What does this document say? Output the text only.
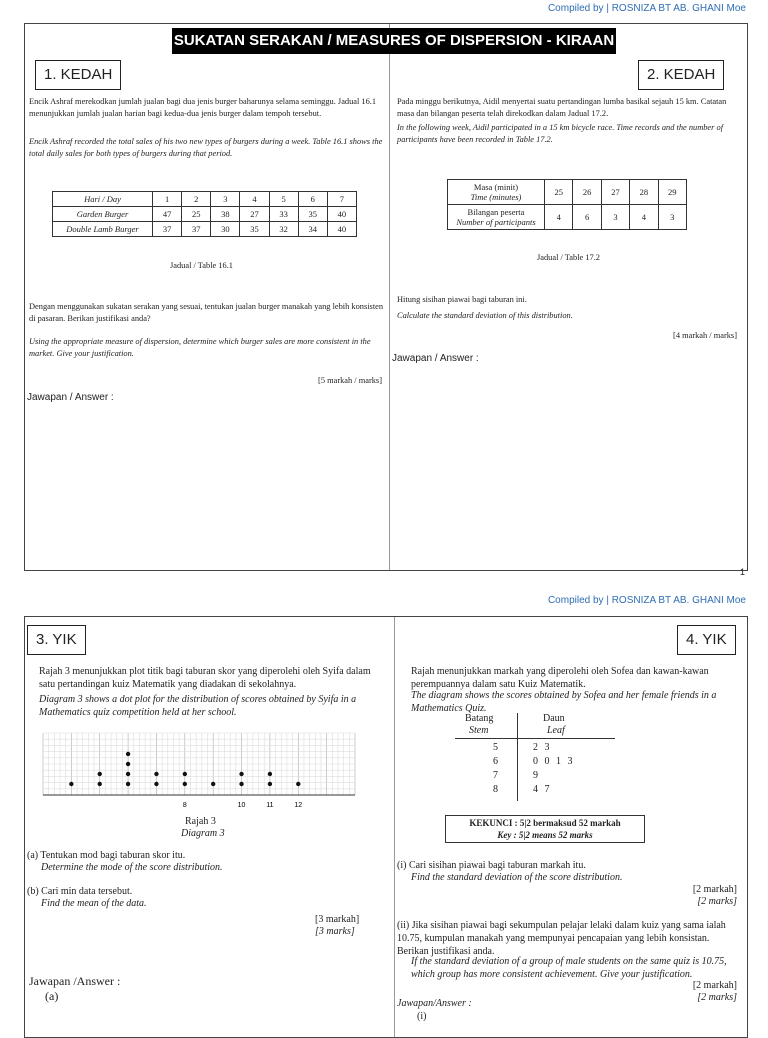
Compiled by | ROSNIZA BT AB. GHANI Moe
SUKATAN SERAKAN / MEASURES OF DISPERSION - KIRAAN
1. KEDAH
Encik Ashraf merekodkan jumlah jualan bagi dua jenis burger baharunya selama seminggu. Jadual 16.1 menunjukkan jumlah jualan harian bagi kedua-dua jenis burger dalam tempoh tersebut.
Encik Ashraf recorded the total sales of his two new types of burgers during a week. Table 16.1 shows the total daily sales for both types of burgers during that period.
Hari / Day	1	2	3	4	5	6	7
Garden Burger	47	25	38	27	33	35	40
Double Lamb Burger	37	37	30	35	32	34	40
Jadual / Table 16.1
Dengan menggunakan sukatan serakan yang sesuai, tentukan jualan burger manakah yang lebih konsisten di pasaran. Berikan justifikasi anda?
Using the appropriate measure of dispersion, determine which burger sales are more consistent in the market. Give your justification.
[5 markah / marks]
Jawapan / Answer :
2. KEDAH
Pada minggu berikutnya, Aidil menyertai suatu pertandingan lumba basikal sejauh 15 km. Catatan masa dan bilangan peserta telah direkodkan dalam Jadual 17.2.
In the following week, Aidil participated in a 15 km bicycle race. Time records and the number of participants have been recorded in Table 17.2.
Masa (minit)
Time (minutes)	25	26	27	28	29
Bilangan peserta
Number of participants	4	6	3	4	3
Jadual / Table 17.2
Hitung sisihan piawai bagi taburan ini.
Calculate the standard deviation of this distribution.
[4 markah / marks]
Jawapan / Answer :
1
Compiled by | ROSNIZA BT AB. GHANI Moe
3. YIK
Rajah 3 menunjukkan plot titik bagi taburan skor yang diperolehi oleh Syifa dalam satu pertandingan kuiz Matematik yang diadakan di sekolahnya.
Diagram 3 shows a dot plot for the distribution of scores obtained by Syifa in a Mathematics quiz competition held at her school.
8	10	11	12
Rajah 3
Diagram 3
(a) Tentukan mod bagi taburan skor itu.
Determine the mode of the score distribution.
(b) Cari min data tersebut.
Find the mean of the data.
[3 markah]
[3 marks]
Jawapan /Answer :
(a)
4. YIK
Rajah menunjukkan markah yang diperolehi oleh Sofea dan kawan-kawan perempuannya dalam satu Kuiz Matematik.
The diagram shows the scores obtained by Sofea and her female friends in a Mathematics Quiz.
Batang
Stem
Daun
Leaf
5	2 3
6	0 0 1 3
7	9
8	4 7
KEKUNCI : 5|2 bermaksud 52 markah
Key : 5|2 means 52 marks
(i) Cari sisihan piawai bagi taburan markah itu.
Find the standard deviation of the score distribution.
[2 markah]
[2 marks]
(ii) Jika sisihan piawai bagi sekumpulan pelajar lelaki dalam kuiz yang sama ialah 10.75, kumpulan manakah yang mempunyai pencapaian yang lebih konsistan. Berikan justifikasi anda.
If the standard deviation of a group of male students on the same quiz is 10.75, which group has more consistent achievement. Give your justification.
[2 markah]
[2 marks]
Jawapan/Answer :
(i)
